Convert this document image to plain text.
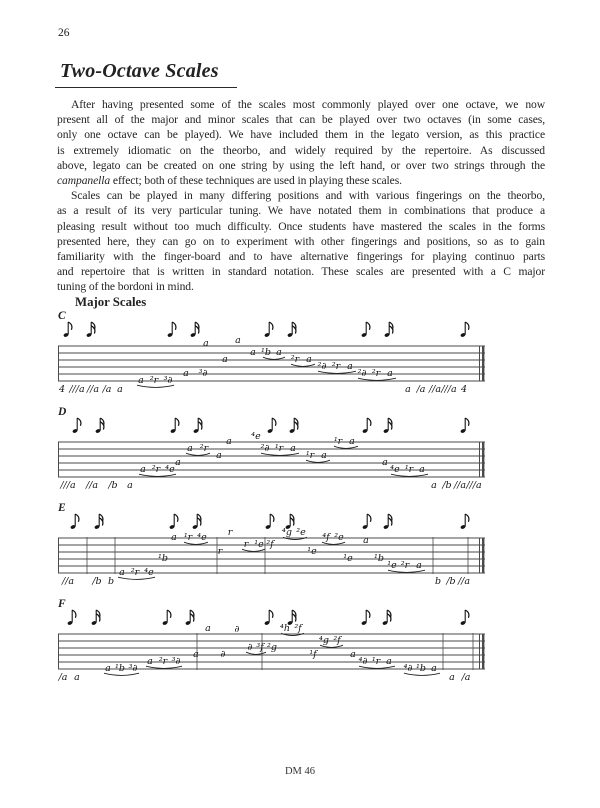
26
Two-Octave Scales
After having presented some of the scales most commonly played over one octave, we now
present all of the major and minor scales that can be played over two octaves (in some cases,
only one octave can be played). We have included them in the legato version, as this practice
is extremely idiomatic on the theorbo, and widely required by the repertoire. As discussed
above, legato can be created on one string by using the left hand, or over two strings through the
campanella effect; both of these techniques are used in playing these scales.
Scales can be played in many differing positions and with various fingerings on the theorbo,
as a result of its very particular tuning. We have notated them in combinations that produce a
pleasing result without too much difficulty. Once students have mastered the scales in the forms
presented here, they can go on to experiment with other fingerings and positions, so as to gain
familiarity with the finger-board and to have alternative fingerings for playing continuo parts
and repertoire that is written in standard notation. These scales are presented with a C major
tuning of the bordoni in mind.
Major Scales
C
4 ///a //a /a a
a ²r ³∂
a ³∂
a
a
a
a ¹b a
²r a
²∂ ²r a
²∂ ²r a
a /a //a ///a 4
D
///a //a /b a
a ²r ⁴e
a
a ²r
a
a ⁴e
²∂ ¹r a
¹r a
¹r a
a
⁴e ¹r a
a /b //a ///a
E
//a /b b
a ²r ⁴e
¹b
a ¹r ⁴e
r
r
r ¹e ²f
⁴g ²e
¹e
⁴f ²e
¹e
a
¹b
¹e ²r a
b /b //a
F
/a a
a ¹b ³∂
a ²r ³∂
a
a
∂
∂
∂ ³f ²g
⁴h ²f
¹f
⁴g ²f
a
⁴∂ ¹r a
⁴∂ ¹b a
a /a
DM 46
